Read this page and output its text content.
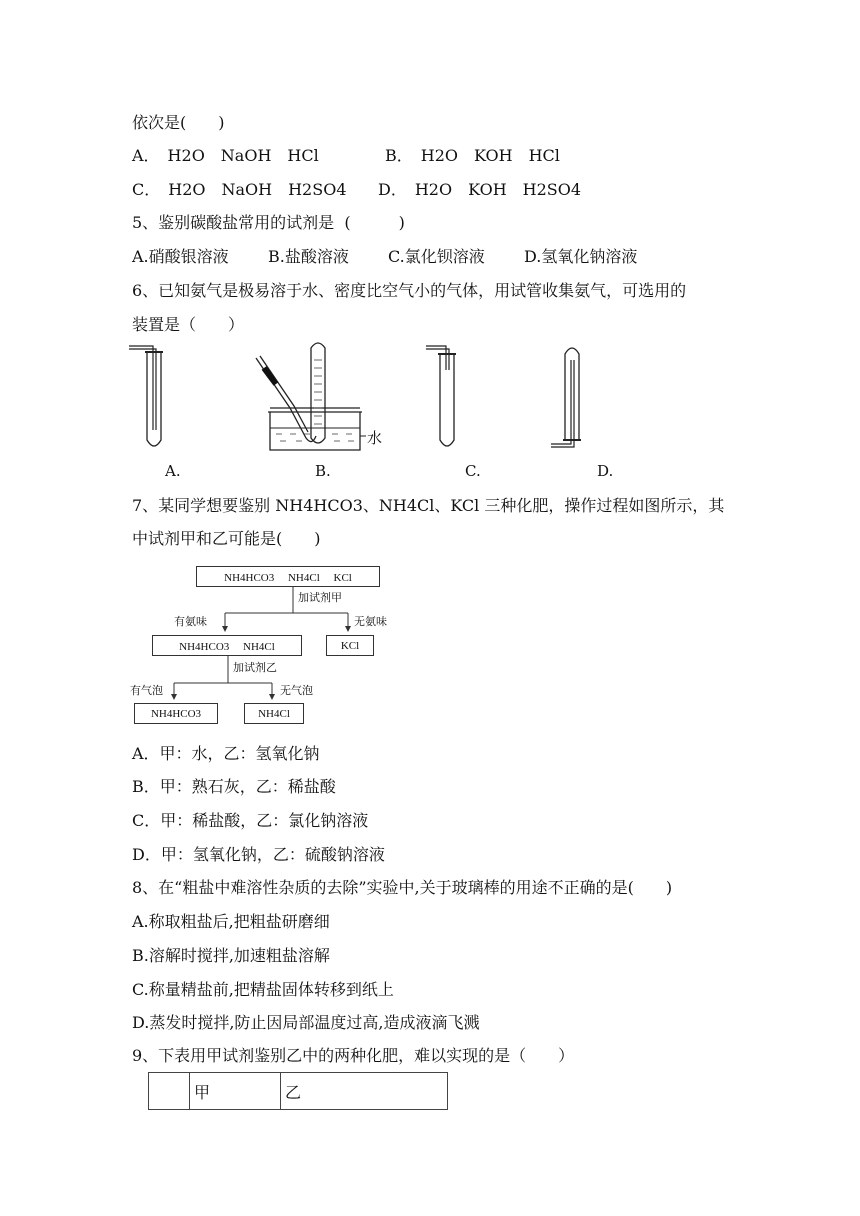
依次是(　　)
A．　H2O　NaOH　HCl	B．　H2O　KOH　HCl
C．　H2O　NaOH　H2SO4 D．　H2O　KOH　H2SO4
5、鉴别碳酸盐常用的试剂是  (　　　)
A.硝酸银溶液 B.盐酸溶液 C.氯化钡溶液 D.氢氧化钠溶液
6、已知氨气是极易溶于水、密度比空气小的气体，用试管收集氨气，可选用的
装置是（　　）
水
A.	B.	C.	D.
7、某同学想要鉴别 NH4HCO3、NH4Cl、KCl 三种化肥，操作过程如图所示，其
中试剂甲和乙可能是(　　)
NH4HCO3　 NH4Cl　 KCl
加试剂甲
有氨味	无氨味
NH4HCO3　 NH4Cl	KCl
加试剂乙
有气泡	无气泡
NH4HCO3	NH4Cl
A．甲：水，乙：氢氧化钠
B．甲：熟石灰，乙：稀盐酸
C．甲：稀盐酸，乙：氯化钠溶液
D．甲：氢氧化钠，乙：硫酸钠溶液
8、在“粗盐中难溶性杂质的去除”实验中,关于玻璃棒的用途不正确的是(　　)
A.称取粗盐后,把粗盐研磨细
B.溶解时搅拌,加速粗盐溶解
C.称量精盐前,把精盐固体转移到纸上
D.蒸发时搅拌,防止因局部温度过高,造成液滴飞溅
9、下表用甲试剂鉴别乙中的两种化肥，难以实现的是（　　）
	甲	乙
